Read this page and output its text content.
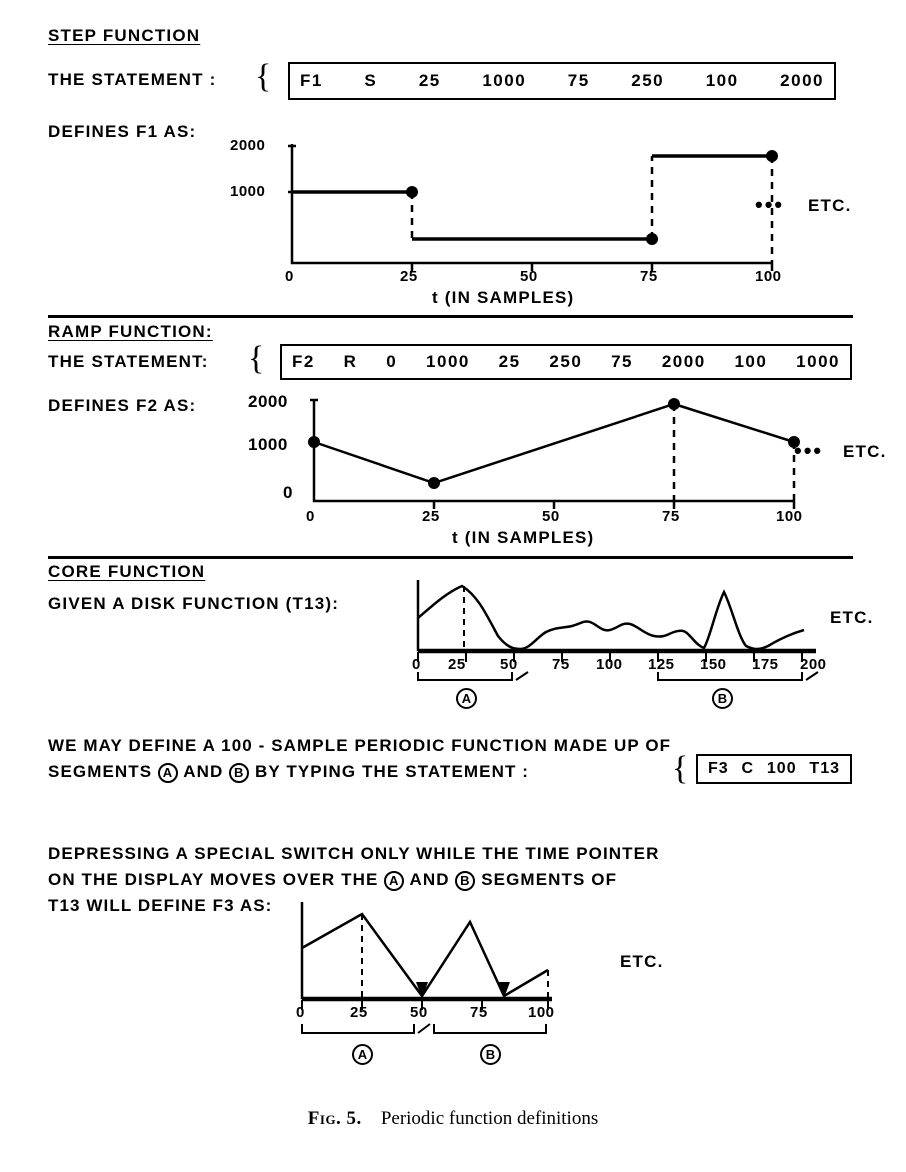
STEP FUNCTION
THE STATEMENT : { F1 S 25 1000 75 250 100 2000
DEFINES F1 AS:
2000
1000
0	25	50	75	100
••• ETC.
t (IN SAMPLES)
RAMP FUNCTION:
THE STATEMENT: { F2 R 0 1000 25 250 75 2000 100 1000
DEFINES F2 AS:	2000
1000
0
0	25	50	75	100
••• ETC.
t (IN SAMPLES)
CORE FUNCTION
GIVEN A DISK FUNCTION (T13):
ETC.
0 25 50 75 100 125 150 175 200
A	B
WE MAY DEFINE A 100 - SAMPLE PERIODIC FUNCTION MADE UP OF
SEGMENTS A AND B BY TYPING THE STATEMENT :	{ F3 C 100 T13
DEPRESSING A SPECIAL SWITCH ONLY WHILE THE TIME POINTER
ON THE DISPLAY MOVES OVER THE A AND B SEGMENTS OF
T13 WILL DEFINE F3 AS:
ETC.
0	25	50	75	100
A	B
Fig. 5. Periodic function definitions
